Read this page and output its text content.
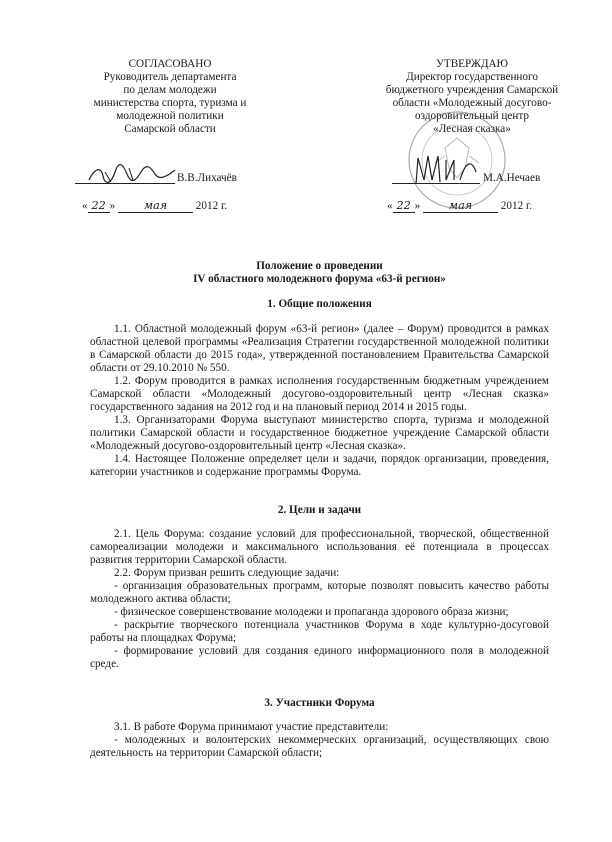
СОГЛАСОВАНО
Руководитель департамента
по делам молодежи
министерства спорта, туризма и
молодежной политики
Самарской области
В.В.Лихачёв
« 22 »	мая	2012 г.
УТВЕРЖДАЮ
Директор государственного
бюджетного учреждения Самарской
области «Молодежный досугово-
оздоровительный центр
«Лесная сказка»
М.А.Нечаев
« 22 »	мая	2012 г.
Положение о проведении
IV областного молодежного форума «63-й регион»
1. Общие положения
1.1. Областной молодежный форум «63-й регион» (далее – Форум) проводится в рамках областной целевой программы «Реализация Стратегии государственной молодежной политики в Самарской области до 2015 года», утвержденной постановлением Правительства Самарской области от 29.10.2010 № 550.
1.2. Форум проводится в рамках исполнения государственным бюджетным учреждением Самарской области «Молодежный досугово-оздоровительный центр «Лесная сказка» государственного задания на 2012 год и на плановый период 2014 и 2015 годы.
1.3. Организаторами Форума выступают министерство спорта, туризма и молодежной политики Самарской области и государственное бюджетное учреждение Самарской области «Молодежный досугово-оздоровительный центр «Лесная сказка».
1.4. Настоящее Положение определяет цели и задачи, порядок организации, проведения, категории участников и содержание программы Форума.
2. Цели и задачи
2.1. Цель Форума: создание условий для профессиональной, творческой, общественной самореализации молодежи и максимального использования её потенциала в процессах развития территории Самарской области.
2.2. Форум призван решить следующие задачи:
- организация образовательных программ, которые позволят повысить качество работы молодежного актива области;
- физическое совершенствование молодежи и пропаганда здорового образа жизни;
- раскрытие творческого потенциала участников Форума в ходе культурно-досуговой работы на площадках Форума;
- формирование условий для создания единого информационного поля в молодежной среде.
3. Участники Форума
3.1. В работе Форума принимают участие представители:
- молодежных и волонтерских некоммерческих организаций, осуществляющих свою деятельность на территории Самарской области;
